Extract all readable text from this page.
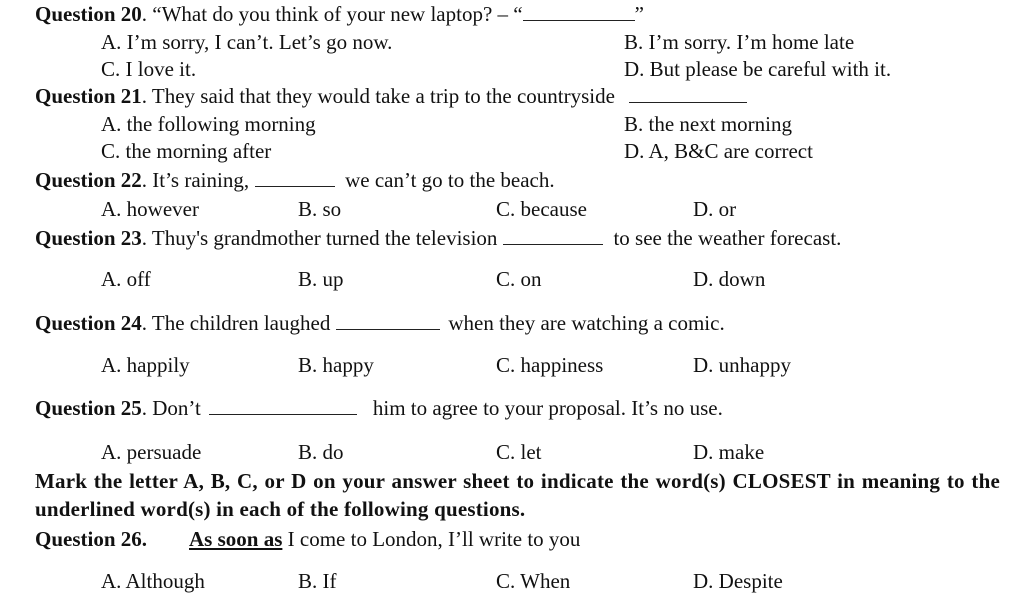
Question 20. “What do you think of your new laptop? – “	”
A. I’m sorry, I can’t. Let’s go now.	B. I’m sorry. I’m home late
C. I love it.	D. But please be careful with it.
Question 21. They said that they would take a trip to the countryside
A. the following morning	B. the next morning
C. the morning after	D. A, B&C are correct
Question 22. It’s raining,	we can’t go to the beach.
A. however	B. so	C. because	D. or
Question 23. Thuy's grandmother turned the television	to see the weather forecast.
A. off	B. up	C. on	D. down
Question 24. The children laughed	when they are watching a comic.
A. happily	B. happy	C. happiness	D. unhappy
Question 25. Don’t	him to agree to your proposal. It’s no use.
A. persuade	B. do	C. let	D. make
Mark the letter A, B, C, or D on your answer sheet to indicate the word(s) CLOSEST in meaning to the underlined word(s) in each of the following questions.
Question 26. As soon as I come to London, I’ll write to you
A. Although	B. If	C. When	D. Despite
